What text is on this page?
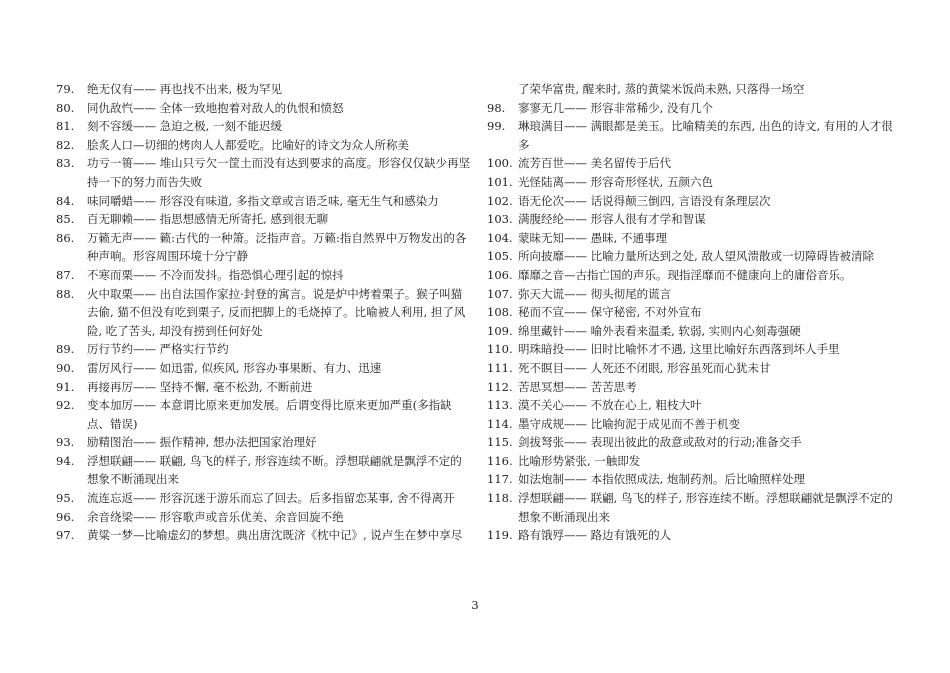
79.	绝无仅有—— 再也找不出来, 极为罕见
80.	同仇敌忾—— 全体一致地抱着对敌人的仇恨和愤怒
81.	刻不容缓—— 急迫之极, 一刻不能迟缓
82.	脍炙人口—切细的烤肉人人都爱吃。比喻好的诗文为众人所称美
83.	功亏一篑—— 堆山只亏欠一筐土而没有达到要求的高度。形容仅仅缺少再坚持一下的努力而告失败
84.	味同嚼蜡—— 形容没有味道, 多指文章或言语乏味, 毫无生气和感染力
85.	百无聊赖—— 指思想感情无所寄托, 感到很无聊
86.	万籁无声—— 籁:古代的一种箫。泛指声音。万籁:指自然界中万物发出的各种声响。形容周围环境十分宁静
87.	不寒而栗—— 不冷而发抖。指恐惧心理引起的惊抖
88.	火中取栗—— 出自法国作家拉·封登的寓言。说是炉中烤着栗子。猴子叫猫去偷, 猫不但没有吃到栗子, 反而把脚上的毛烧掉了。比喻被人利用, 担了风险, 吃了苦头, 却没有捞到任何好处
89.	厉行节约—— 严格实行节约
90.	雷厉风行—— 如迅雷, 似疾风, 形容办事果断、有力、迅速
91.	再接再厉—— 坚持不懈, 毫不松劲, 不断前进
92.	变本加厉—— 本意谓比原来更加发展。后谓变得比原来更加严重(多指缺点、错误)
93.	励精图治—— 振作精神, 想办法把国家治理好
94.	浮想联翩—— 联翩, 鸟飞的样子, 形容连续不断。浮想联翩就是飘浮不定的想象不断涌现出来
95.	流连忘返—— 形容沉迷于游乐而忘了回去。后多指留恋某事, 舍不得离开
96.	余音绕梁—— 形容歌声或音乐优美、余音回旋不绝
97.	黄粱一梦—比喻虚幻的梦想。典出唐沈既济《枕中记》, 说卢生在梦中享尽
了荣华富贵, 醒来时, 蒸的黄粱米饭尚未熟, 只落得一场空
98.	寥寥无几—— 形容非常稀少, 没有几个
99.	琳琅满目—— 满眼都是美玉。比喻精美的东西, 出色的诗文, 有用的人才很多
100. 流芳百世—— 美名留传于后代
101. 光怪陆离—— 形容奇形怪状, 五颜六色
102. 语无伦次—— 话说得颠三倒四, 言语没有条理层次
103. 满腹经纶—— 形容人很有才学和智谋
104. 蒙昧无知—— 愚昧, 不通事理
105. 所向披靡—— 比喻力量所达到之处, 敌人望风溃散或一切障碍皆被清除
106. 靡靡之音—古指亡国的声乐。现指淫靡而不健康向上的庸俗音乐。
107. 弥天大谎—— 彻头彻尾的谎言
108. 秘而不宣—— 保守秘密, 不对外宣布
109. 绵里藏针—— 喻外表看来温柔, 软弱, 实则内心刻毒强硬
110. 明珠暗投—— 旧时比喻怀才不遇, 这里比喻好东西落到坏人手里
111. 死不瞑目—— 人死还不闭眼, 形容虽死而心犹未甘
112. 苦思冥想—— 苦苦思考
113. 漠不关心—— 不放在心上, 粗枝大叶
114. 墨守成规—— 比喻拘泥于成见而不善于机变
115. 剑拔弩张—— 表现出彼此的敌意或敌对的行动;准备交手
116. 比喻形势紧张, 一触即发
117. 如法炮制—— 本指依照成法, 炮制药剂。后比喻照样处理
118. 浮想联翩—— 联翩, 鸟飞的样子, 形容连续不断。浮想联翩就是飘浮不定的想象不断涌现出来
119. 路有饿殍—— 路边有饿死的人
3
